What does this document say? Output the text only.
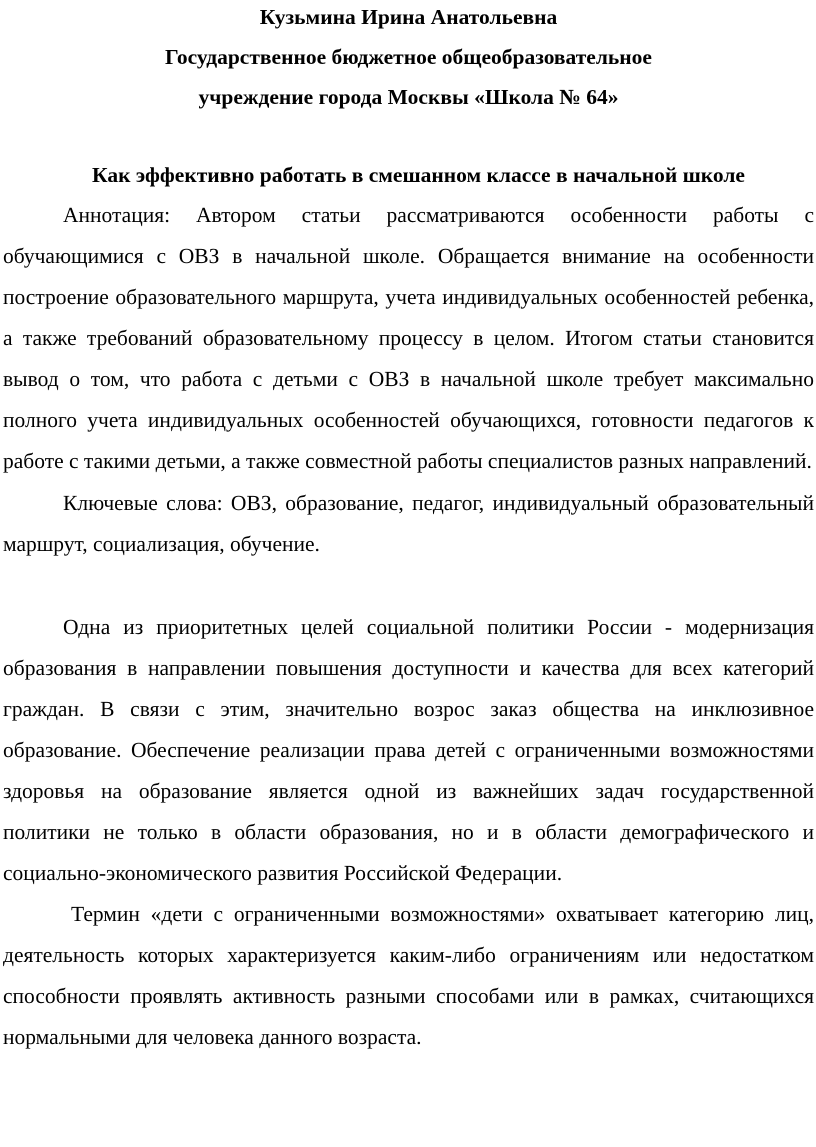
Кузьмина Ирина Анатольевна
Государственное бюджетное общеобразовательное
учреждение города Москвы «Школа № 64»
Как эффективно работать в смешанном классе в начальной школе

Аннотация: Автором статьи рассматриваются особенности работы с обучающимися с ОВЗ в начальной школе. Обращается внимание на особенности построение образовательного маршрута, учета индивидуальных особенностей ребенка, а также требований образовательному процессу в целом. Итогом статьи становится вывод о том, что работа с детьми с ОВЗ в начальной школе требует максимально полного учета индивидуальных особенностей обучающихся, готовности педагогов к работе с такими детьми, а также совместной работы специалистов разных направлений.

Ключевые слова: ОВЗ, образование, педагог, индивидуальный образовательный маршрут, социализация, обучение.

Одна из приоритетных целей социальной политики России - модернизация образования в направлении повышения доступности и качества для всех категорий граждан. В связи с этим, значительно возрос заказ общества на инклюзивное образование. Обеспечение реализации права детей с ограниченными возможностями здоровья на образование является одной из важнейших задач государственной политики не только в области образования, но и в области демографического и социально-экономического развития Российской Федерации.

Термин «дети с ограниченными возможностями» охватывает категорию лиц, деятельность которых характеризуется каким-либо ограничениям или недостатком способности проявлять активность разными способами или в рамках, считающихся нормальными для человека данного возраста.
